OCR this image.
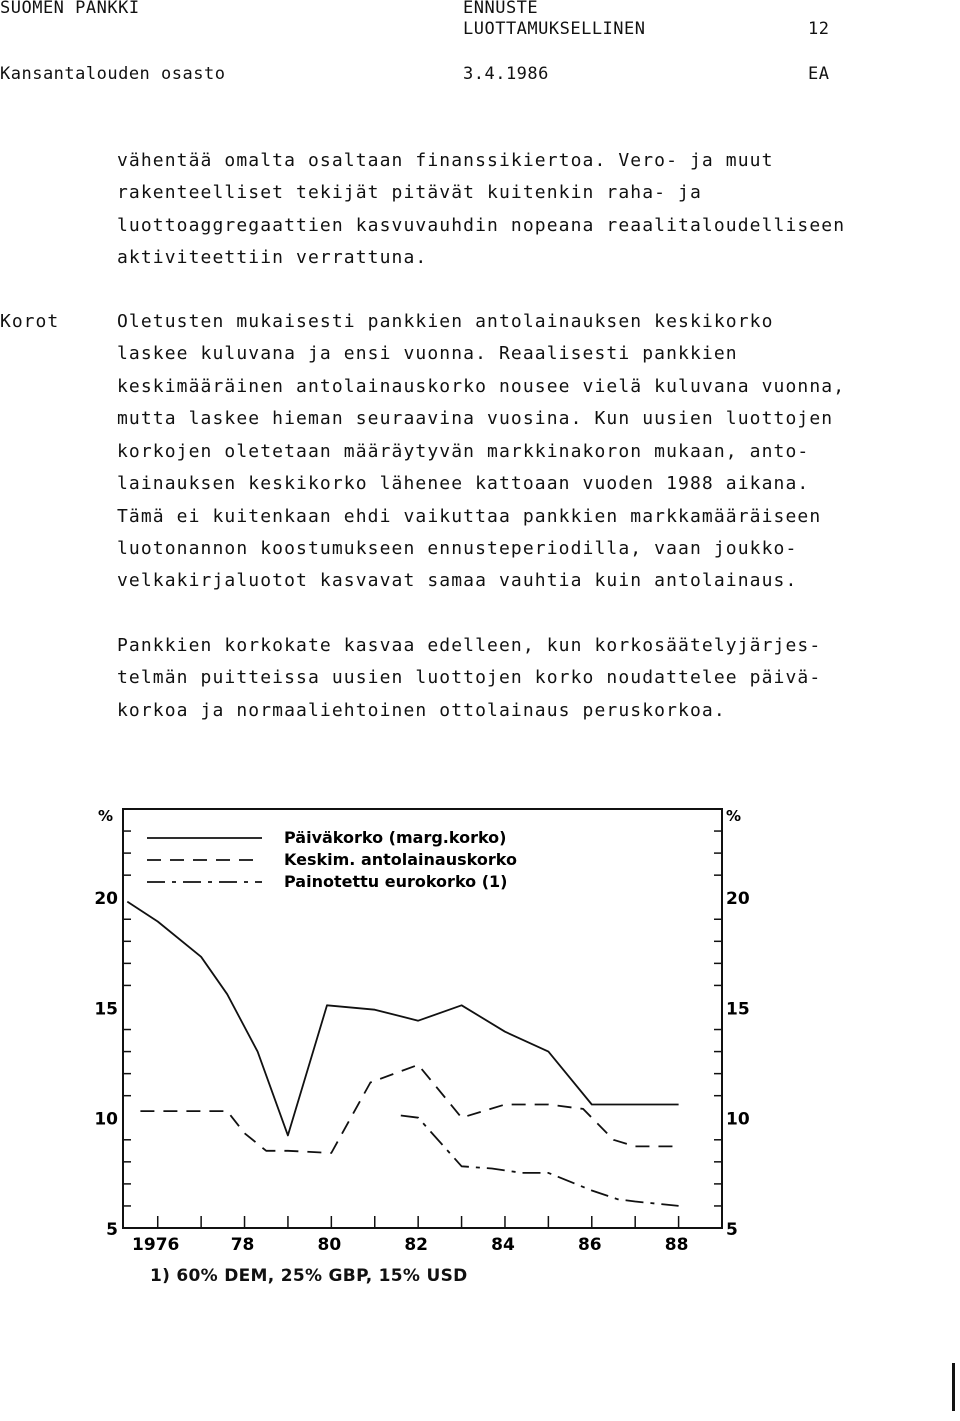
SUOMEN PANKKI	ENNUSTE
LUOTTAMUKSELLINEN	12
Kansantalouden osasto	3.4.1986	EA
vähentää omalta osaltaan finanssikiertoa. Vero- ja muut
rakenteelliset tekijät pitävät kuitenkin raha- ja
luottoaggregaattien kasvuvauhdin nopeana reaalitaloudelliseen
aktiviteettiin verrattuna.
Korot	Oletusten mukaisesti pankkien antolainauksen keskikorko
laskee kuluvana ja ensi vuonna. Reaalisesti pankkien
keskimääräinen antolainauskorko nousee vielä kuluvana vuonna,
mutta laskee hieman seuraavina vuosina. Kun uusien luottojen
korkojen oletetaan määräytyvän markkinakoron mukaan, anto-
lainauksen keskikorko lähenee kattoaan vuoden 1988 aikana.
Tämä ei kuitenkaan ehdi vaikuttaa pankkien markkamääräiseen
luotonannon koostumukseen ennusteperiodilla, vaan joukko-
velkakirjaluotot kasvavat samaa vauhtia kuin antolainaus.
Pankkien korkokate kasvaa edelleen, kun korkosäätelyjärjes-
telmän puitteissa uusien luottojen korko noudattelee päivä-
korkoa ja normaaliehtoinen ottolainaus peruskorkoa.
5	5
10	10
15	15
20	20
%	%
1976	78	80	82	84	86	88
Päiväkorko (marg.korko)
Keskim. antolainauskorko
Painotettu eurokorko (1)
1) 60% DEM, 25% GBP, 15% USD
